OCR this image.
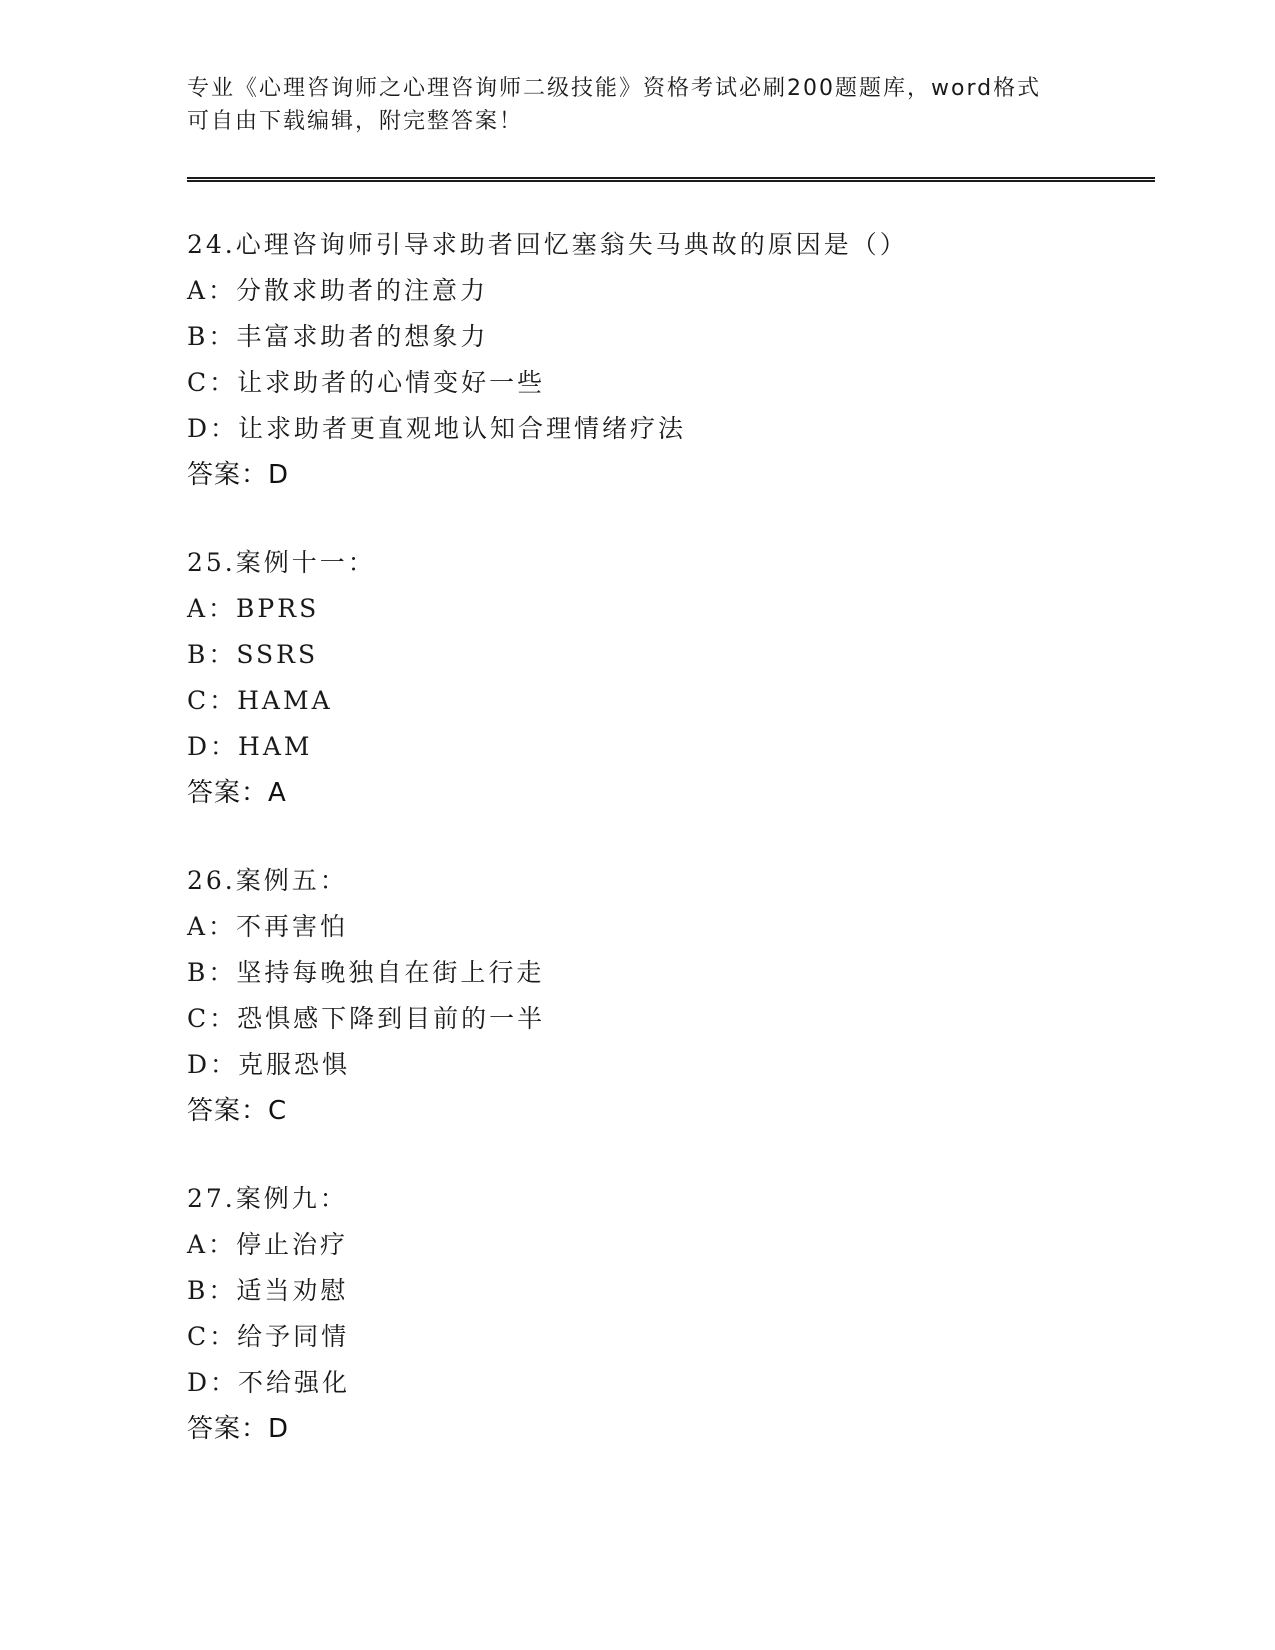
专业《心理咨询师之心理咨询师二级技能》资格考试必刷200题题库，word格式
可自由下载编辑，附完整答案！
24.心理咨询师引导求助者回忆塞翁失马典故的原因是（）
A：分散求助者的注意力
B：丰富求助者的想象力
C：让求助者的心情变好一些
D：让求助者更直观地认知合理情绪疗法
答案：D
25.案例十一：
A：BPRS
B：SSRS
C：HAMA
D：HAM
答案：A
26.案例五：
A：不再害怕
B：坚持每晚独自在街上行走
C：恐惧感下降到目前的一半
D：克服恐惧
答案：C
27.案例九：
A：停止治疗
B：适当劝慰
C：给予同情
D：不给强化
答案：D
